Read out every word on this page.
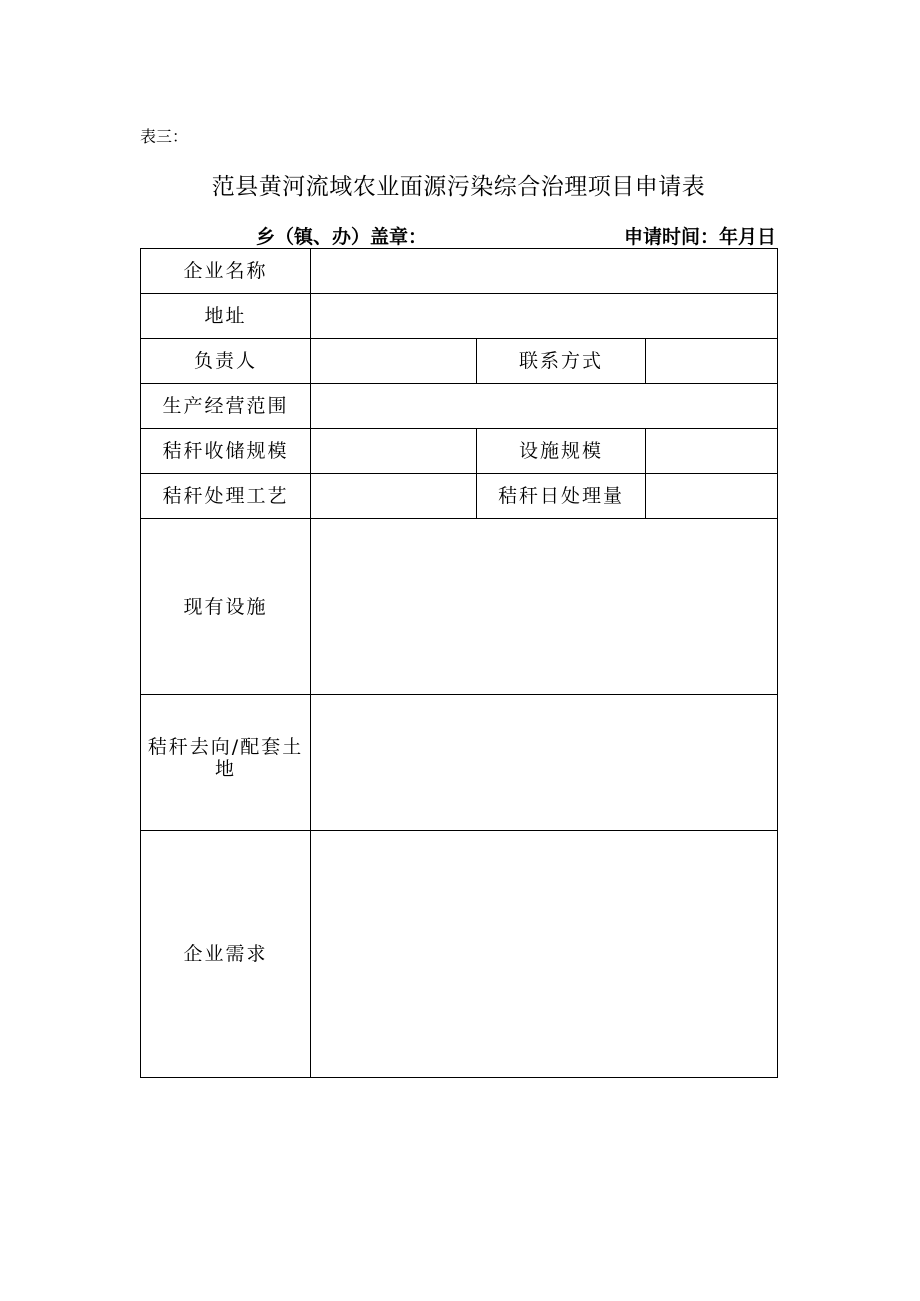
表三：
范县黄河流域农业面源污染综合治理项目申请表
乡（镇、办）盖章：	申请时间：年月日
企业名称			
地址			
负责人		联系方式	
生产经营范围			
秸秆收储规模		设施规模	
秸秆处理工艺		秸秆日处理量	
现有设施			
秸秆去向/配套土地			
企业需求			
